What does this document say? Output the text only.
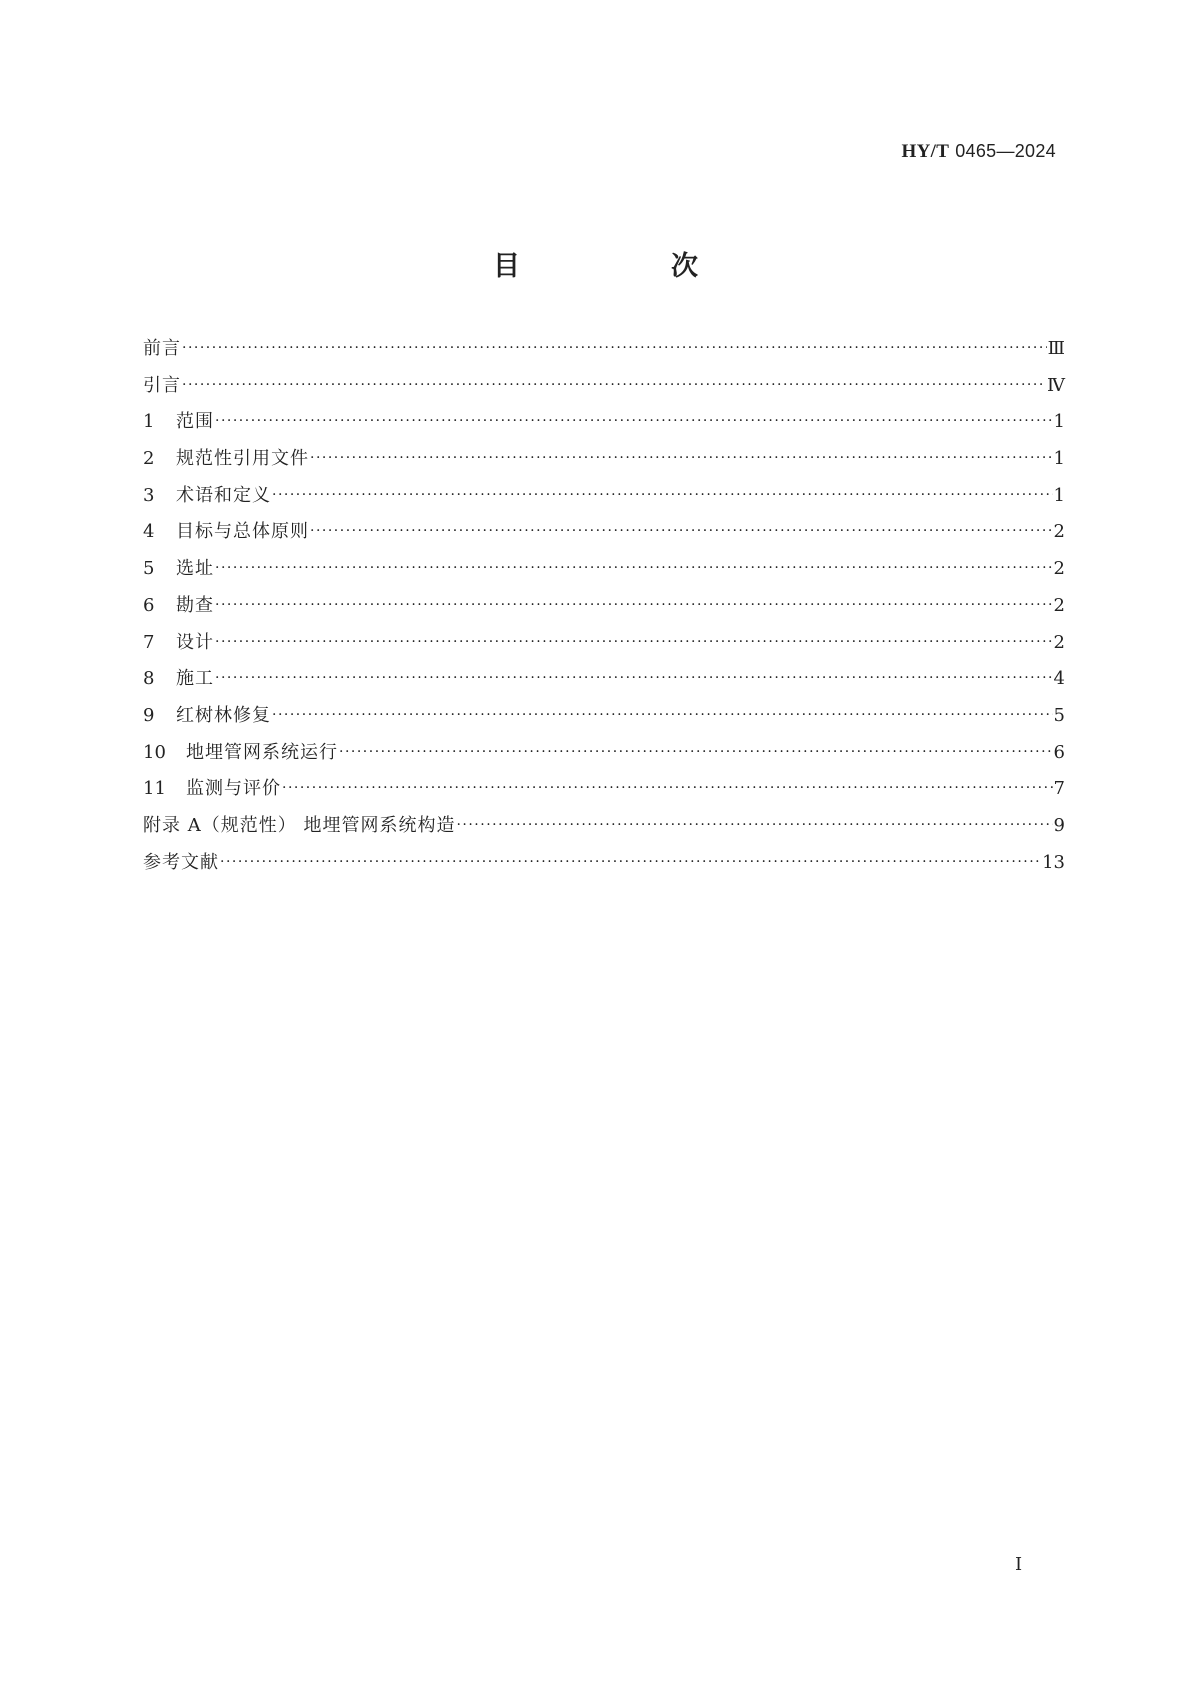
HY/T 0465—2024
目　次
前言 ·····	Ⅲ
引言 ·····	Ⅳ
1	范围 ·····	1
2	规范性引用文件 ·····	1
3	术语和定义 ·····	1
4	目标与总体原则 ·····	2
5	选址 ·····	2
6	勘查 ·····	2
7	设计 ·····	2
8	施工 ·····	4
9	红树林修复 ·····	5
10	地埋管网系统运行 ·····	6
11	监测与评价 ·····	7
附录 A（规范性） 地埋管网系统构造 ·····	9
参考文献 ·····	13
I
